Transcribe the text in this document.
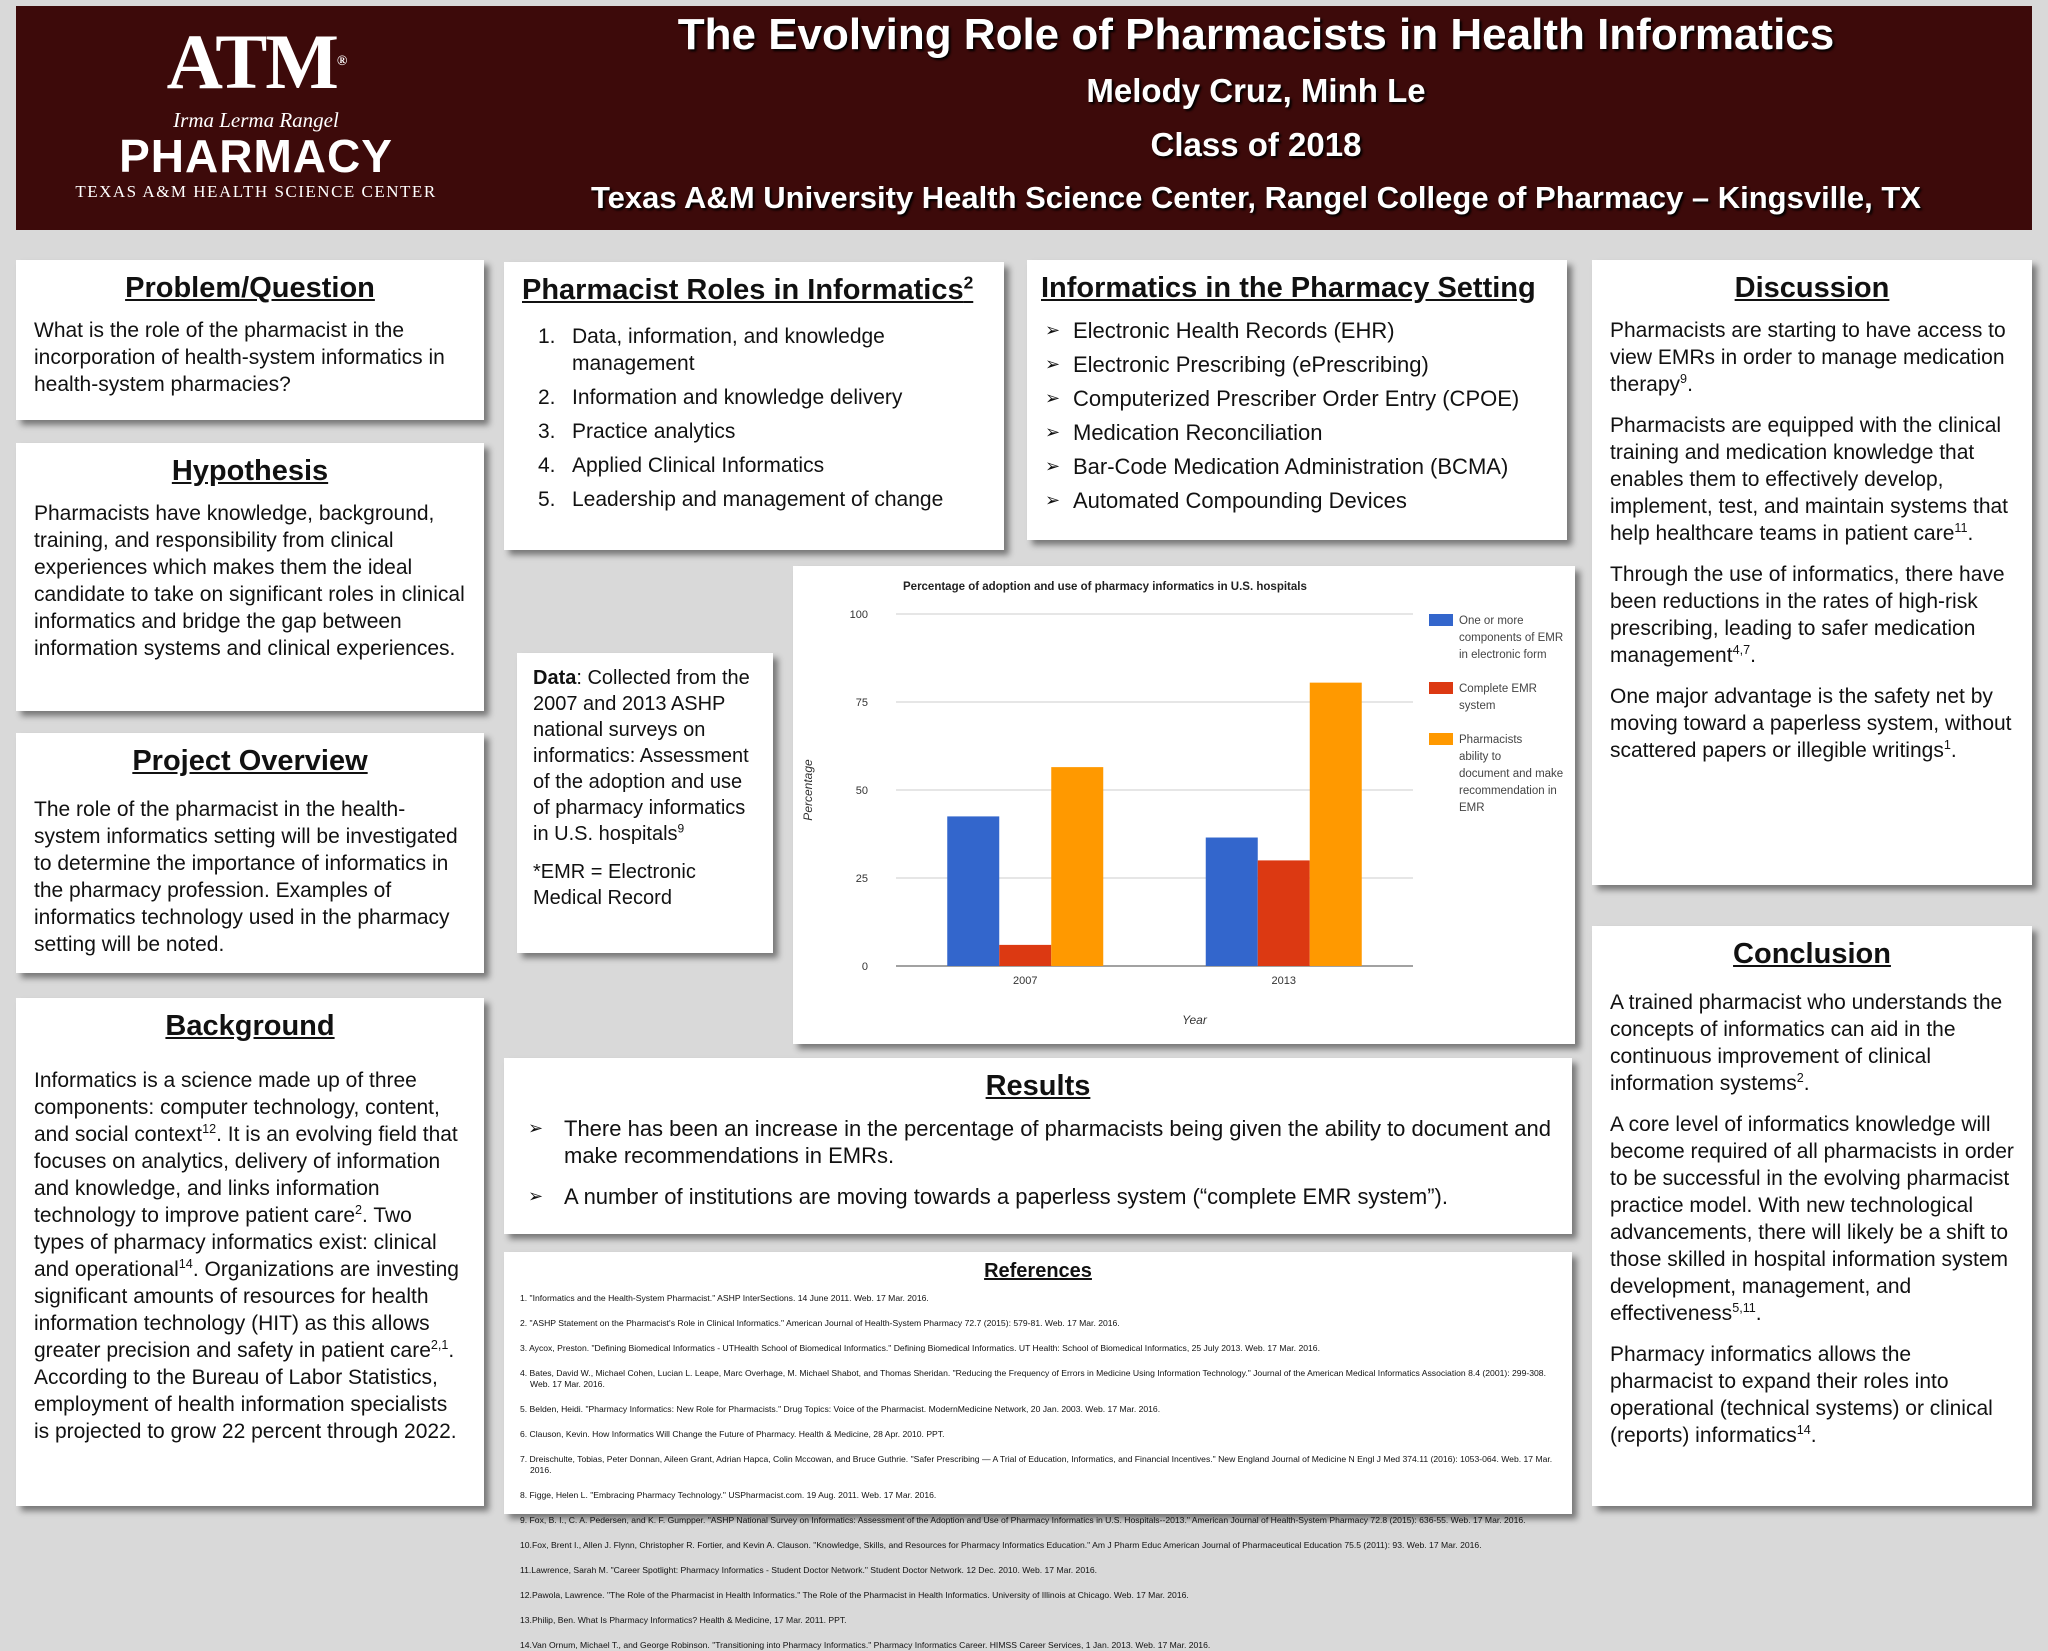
ATM®
Irma Lerma Rangel
PHARMACY
TEXAS A&M HEALTH SCIENCE CENTER
The Evolving Role of Pharmacists in Health Informatics
Melody Cruz, Minh Le
Class of 2018
Texas A&M University Health Science Center, Rangel College of Pharmacy – Kingsville, TX
Problem/Question

What is the role of the pharmacist in the incorporation of health-system informatics in health-system pharmacies?

Hypothesis

Pharmacists have knowledge, background, training, and responsibility from clinical experiences which makes them the ideal candidate to take on significant roles in clinical informatics and bridge the gap between information systems and clinical experiences.

Project Overview

The role of the pharmacist in the health-system informatics setting will be investigated to determine the importance of informatics in the pharmacy profession. Examples of informatics technology used in the pharmacy setting will be noted.

Background

Informatics is a science made up of three components: computer technology, content, and social context$^{12}$. It is an evolving field that focuses on analytics, delivery of information and knowledge, and links information technology to improve patient care$^2$. Two types of pharmacy informatics exist: clinical and operational$^{14}$. Organizations are investing significant amounts of resources for health information technology (HIT) as this allows greater precision and safety in patient care$^{2,1}$. According to the Bureau of Labor Statistics, employment of health information specialists is projected to grow 22 percent through 2022.

Pharmacist Roles in Informatics$^2$
1. Data, information, and knowledge management
2. Information and knowledge delivery
3. Practice analytics
4. Applied Clinical Informatics
5. Leadership and management of change

Data: Collected from the 2007 and 2013 ASHP national surveys on informatics: Assessment of the adoption and use of pharmacy informatics in U.S. hospitals$^9$

*EMR = Electronic Medical Record

Informatics in the Pharmacy Setting
➢ Electronic Health Records (EHR)
➢ Electronic Prescribing (ePrescribing)
➢ Computerized Prescriber Order Entry (CPOE)
➢ Medication Reconciliation
➢ Bar-Code Medication Administration (BCMA)
➢ Automated Compounding Devices
Percentage of adoption and use of pharmacy informatics in U.S. hospitals
0
25
50
75
100
2007	2013
Year
Percentage
One or more components of EMR in electronic form
Complete EMR system
Pharmacists ability to document and make recommendation in EMR
Results
➢ There has been an increase in the percentage of pharmacists being given the ability to document and make recommendations in EMRs.
➢ A number of institutions are moving towards a paperless system (“complete EMR system”).
References

1. "Informatics and the Health-System Pharmacist." ASHP InterSections. 14 June 2011. Web. 17 Mar. 2016.

2. "ASHP Statement on the Pharmacist's Role in Clinical Informatics." American Journal of Health-System Pharmacy 72.7 (2015): 579-81. Web. 17 Mar. 2016.

3. Aycox, Preston. "Defining Biomedical Informatics - UTHealth School of Biomedical Informatics." Defining Biomedical Informatics. UT Health: School of Biomedical Informatics, 25 July 2013. Web. 17 Mar. 2016.

4. Bates, David W., Michael Cohen, Lucian L. Leape, Marc Overhage, M. Michael Shabot, and Thomas Sheridan. "Reducing the Frequency of Errors in Medicine Using Information Technology." Journal of the American Medical Informatics Association 8.4 (2001): 299-308. Web. 17 Mar. 2016.

5. Belden, Heidi. "Pharmacy Informatics: New Role for Pharmacists." Drug Topics: Voice of the Pharmacist. ModernMedicine Network, 20 Jan. 2003. Web. 17 Mar. 2016.

6. Clauson, Kevin. How Informatics Will Change the Future of Pharmacy. Health & Medicine, 28 Apr. 2010. PPT.

7. Dreischulte, Tobias, Peter Donnan, Aileen Grant, Adrian Hapca, Colin Mccowan, and Bruce Guthrie. "Safer Prescribing — A Trial of Education, Informatics, and Financial Incentives." New England Journal of Medicine N Engl J Med 374.11 (2016): 1053-064. Web. 17 Mar. 2016.

8. Figge, Helen L. "Embracing Pharmacy Technology." USPharmacist.com. 19 Aug. 2011. Web. 17 Mar. 2016.

9. Fox, B. I., C. A. Pedersen, and K. F. Gumpper. "ASHP National Survey on Informatics: Assessment of the Adoption and Use of Pharmacy Informatics in U.S. Hospitals--2013." American Journal of Health-System Pharmacy 72.8 (2015): 636-55. Web. 17 Mar. 2016.

10.Fox, Brent I., Allen J. Flynn, Christopher R. Fortier, and Kevin A. Clauson. "Knowledge, Skills, and Resources for Pharmacy Informatics Education." Am J Pharm Educ American Journal of Pharmaceutical Education 75.5 (2011): 93. Web. 17 Mar. 2016.

11.Lawrence, Sarah M. "Career Spotlight: Pharmacy Informatics - Student Doctor Network." Student Doctor Network. 12 Dec. 2010. Web. 17 Mar. 2016.

12.Pawola, Lawrence. "The Role of the Pharmacist in Health Informatics." The Role of the Pharmacist in Health Informatics. University of Illinois at Chicago. Web. 17 Mar. 2016.

13.Philip, Ben. What Is Pharmacy Informatics? Health & Medicine, 17 Mar. 2011. PPT.

14.Van Ornum, Michael T., and George Robinson. "Transitioning into Pharmacy Informatics." Pharmacy Informatics Career. HIMSS Career Services, 1 Jan. 2013. Web. 17 Mar. 2016.

Discussion

Pharmacists are starting to have access to view EMRs in order to manage medication therapy$^9$.

Pharmacists are equipped with the clinical training and medication knowledge that enables them to effectively develop, implement, test, and maintain systems that help healthcare teams in patient care$^{11}$.

Through the use of informatics, there have been reductions in the rates of high-risk prescribing, leading to safer medication management$^{4,7}$.

One major advantage is the safety net by moving toward a paperless system, without scattered papers or illegible writings$^1$.

Conclusion

A trained pharmacist who understands the concepts of informatics can aid in the continuous improvement of clinical information systems$^2$.

A core level of informatics knowledge will become required of all pharmacists in order to be successful in the evolving pharmacist practice model. With new technological advancements, there will likely be a shift to those skilled in hospital information system development, management, and effectiveness$^{5,11}$.

Pharmacy informatics allows the pharmacist to expand their roles into operational (technical systems) or clinical (reports) informatics$^{14}$.
